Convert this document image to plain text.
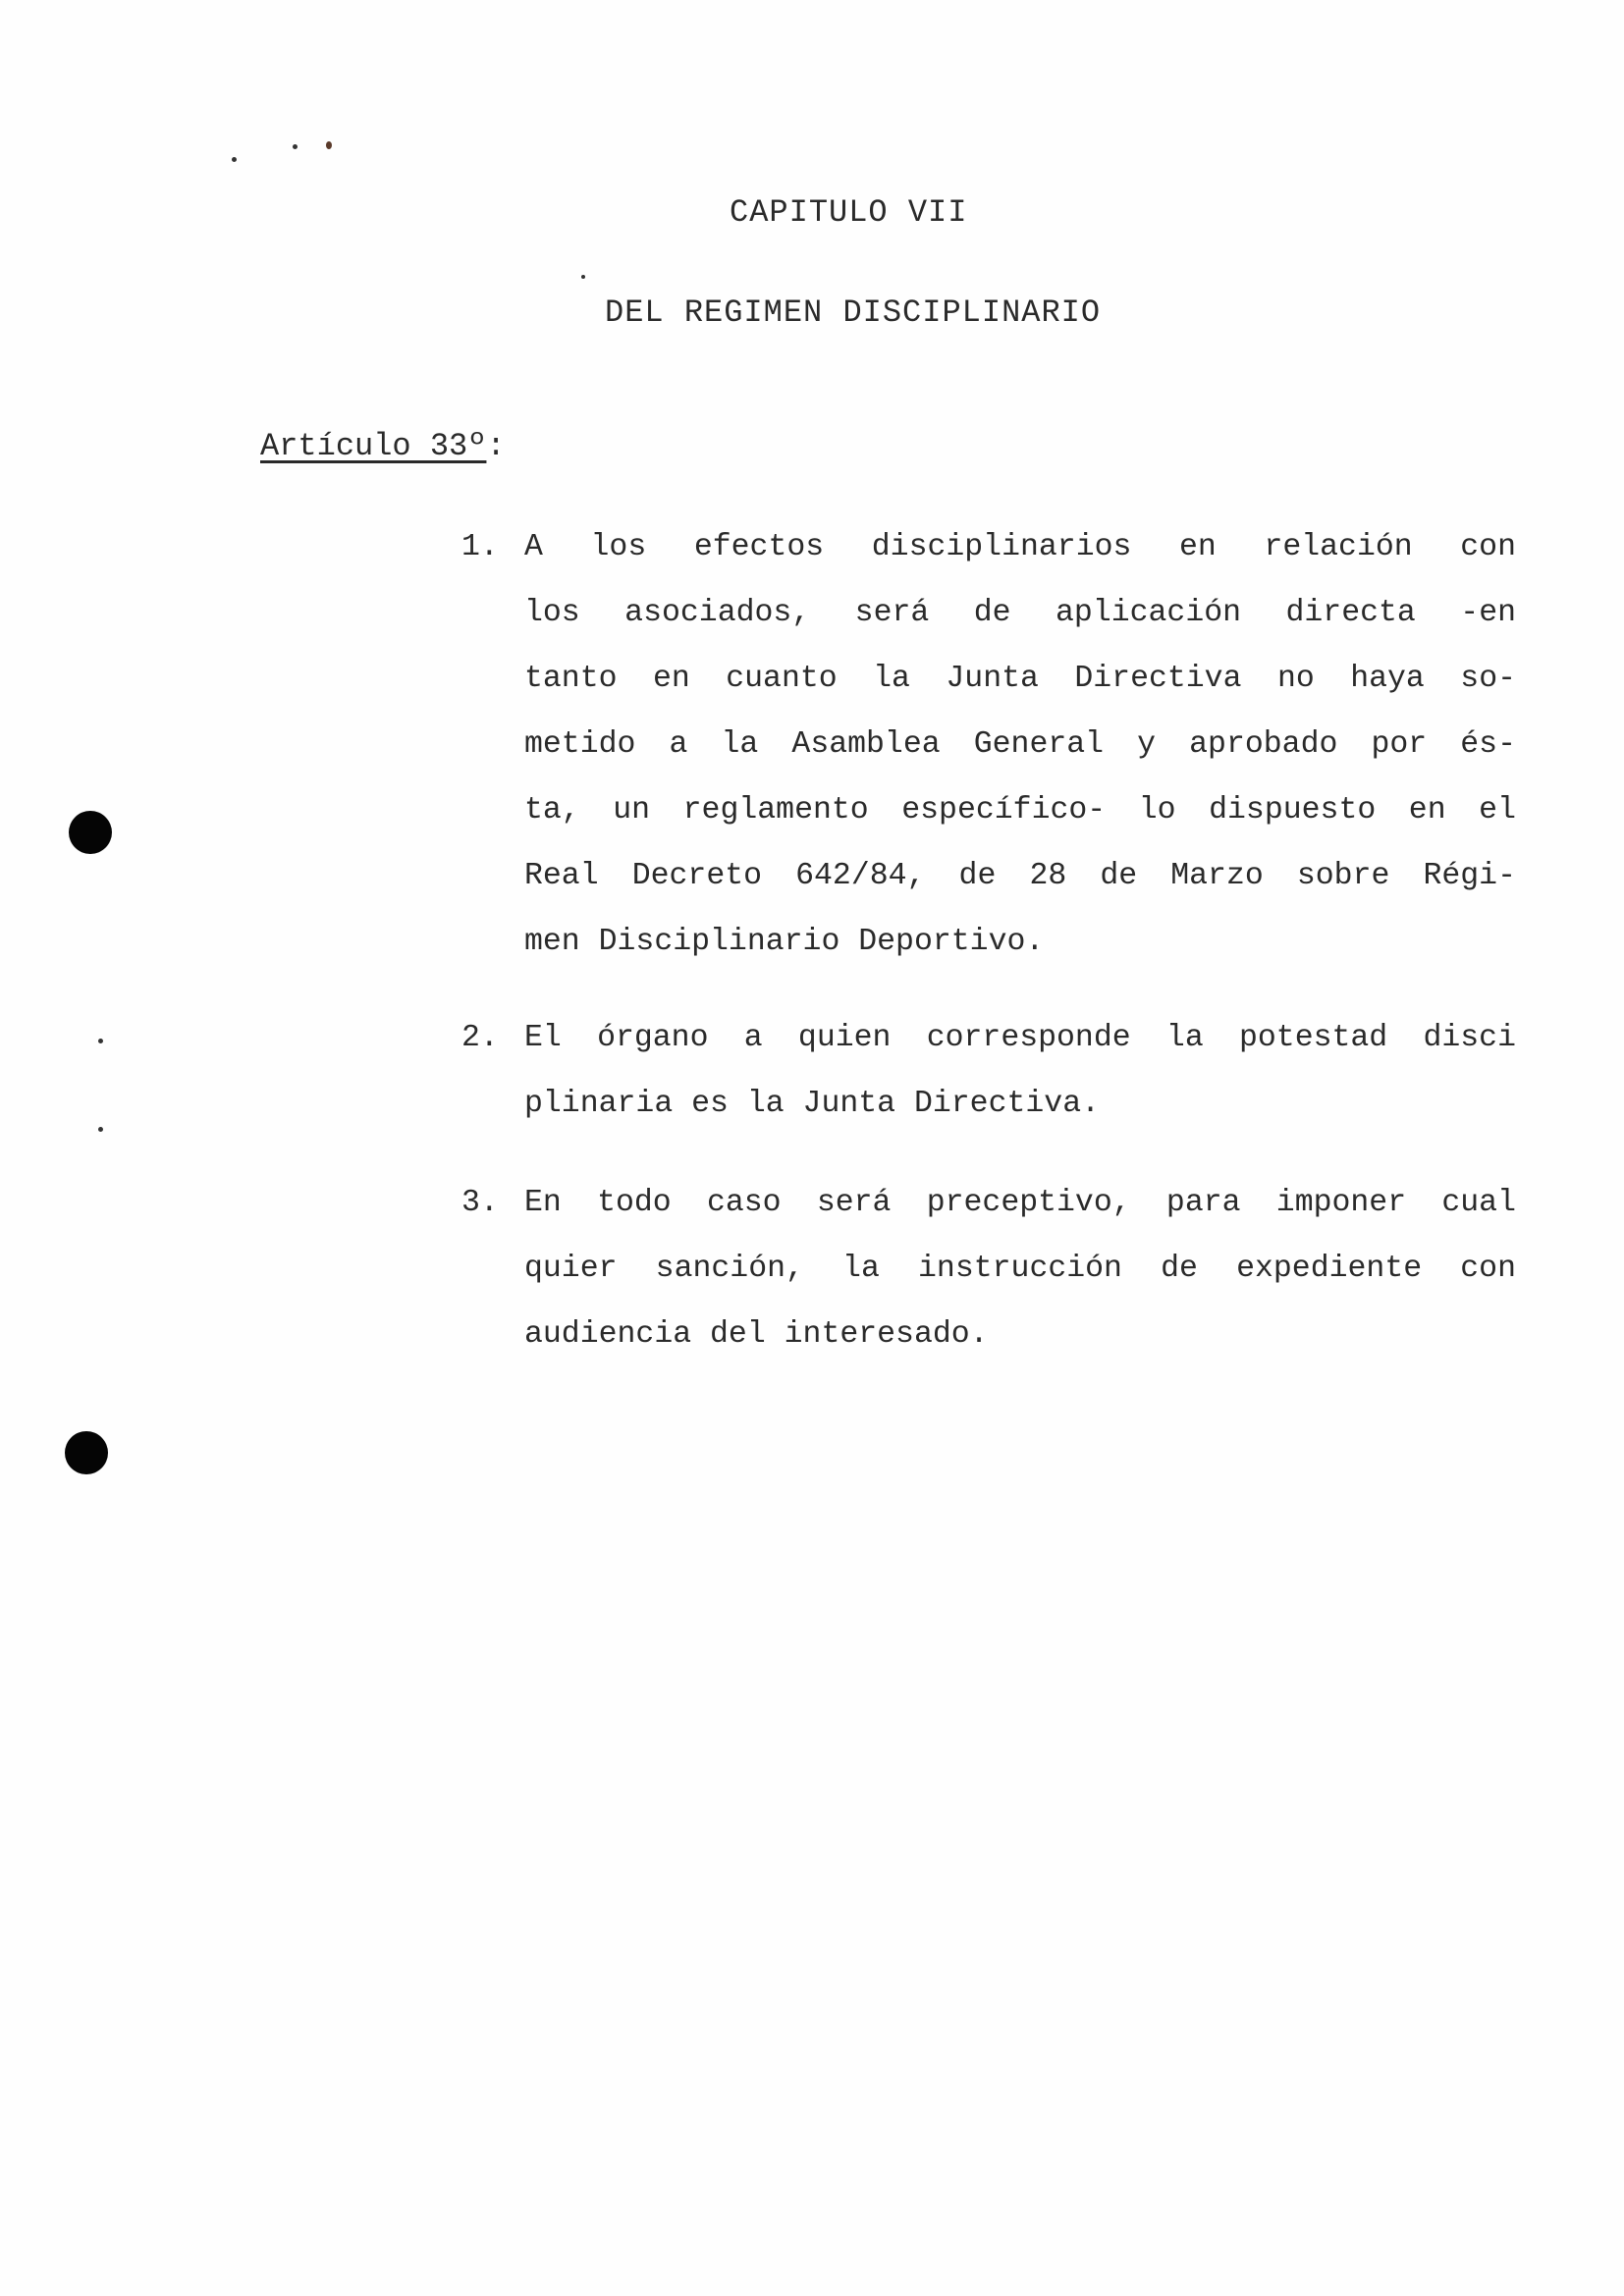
CAPITULO VII
DEL REGIMEN DISCIPLINARIO
Artículo 33º:
1. A los efectos disciplinarios en relación con
los asociados, será de aplicación directa -en
tanto en cuanto la Junta Directiva no haya so-
metido a la Asamblea General y aprobado por és-
ta, un reglamento específico- lo dispuesto en el
Real Decreto 642/84, de 28 de Marzo sobre Régi-
men Disciplinario Deportivo.
2. El órgano a quien corresponde la potestad disci
plinaria es la Junta Directiva.
3. En todo caso será preceptivo, para imponer cual
quier sanción, la instrucción de expediente con
audiencia del interesado.
